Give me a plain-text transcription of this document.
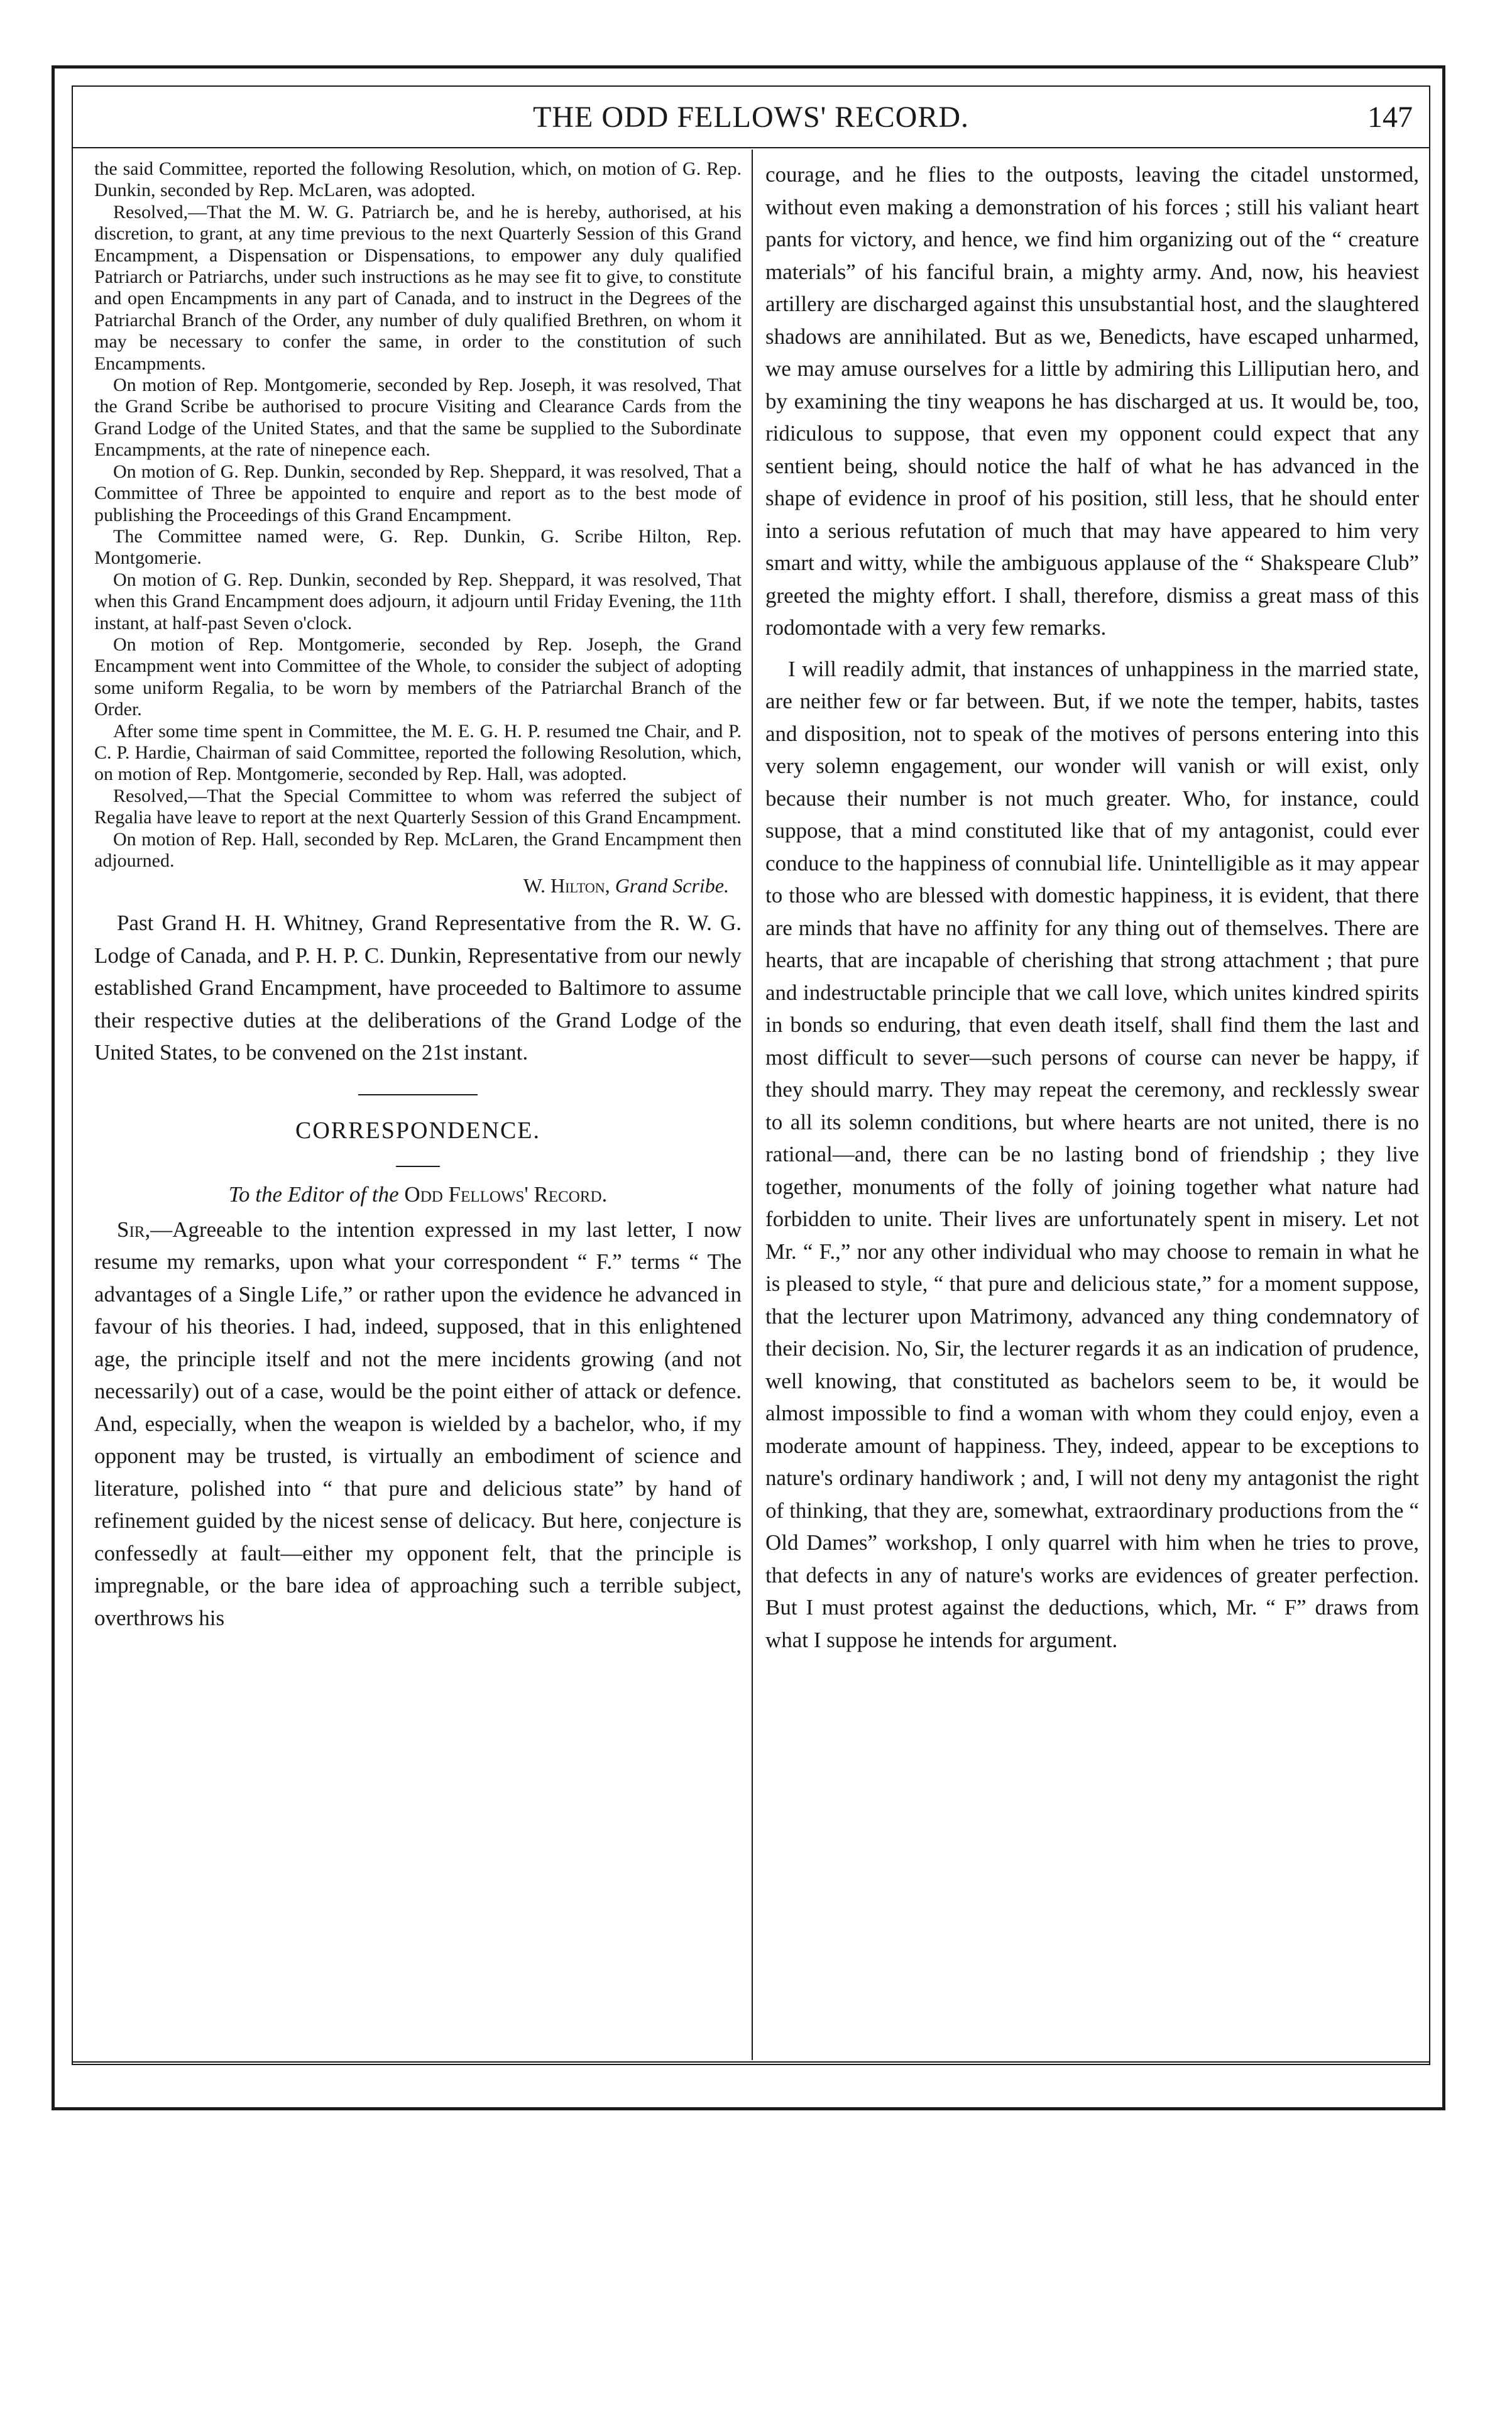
THE ODD FELLOWS' RECORD.	147

the said Committee, reported the following Resolution, which, on motion of G. Rep. Dunkin, seconded by Rep. McLaren, was adopted.

Resolved,—That the M. W. G. Patriarch be, and he is hereby, authorised, at his discretion, to grant, at any time previous to the next Quarterly Session of this Grand Encampment, a Dispensation or Dispensations, to empower any duly qualified Patriarch or Patriarchs, under such instructions as he may see fit to give, to constitute and open Encampments in any part of Canada, and to instruct in the Degrees of the Patriarchal Branch of the Order, any number of duly qualified Brethren, on whom it may be necessary to confer the same, in order to the constitution of such Encampments.

On motion of Rep. Montgomerie, seconded by Rep. Joseph, it was resolved, That the Grand Scribe be authorised to procure Visiting and Clearance Cards from the Grand Lodge of the United States, and that the same be supplied to the Subordinate Encampments, at the rate of ninepence each.

On motion of G. Rep. Dunkin, seconded by Rep. Sheppard, it was resolved, That a Committee of Three be appointed to enquire and report as to the best mode of publishing the Proceedings of this Grand Encampment.

The Committee named were, G. Rep. Dunkin, G. Scribe Hilton, Rep. Montgomerie.

On motion of G. Rep. Dunkin, seconded by Rep. Sheppard, it was resolved, That when this Grand Encampment does adjourn, it adjourn until Friday Evening, the 11th instant, at half-past Seven o'clock.

On motion of Rep. Montgomerie, seconded by Rep. Joseph, the Grand Encampment went into Committee of the Whole, to consider the subject of adopting some uniform Regalia, to be worn by members of the Patriarchal Branch of the Order.

After some time spent in Committee, the M. E. G. H. P. resumed tne Chair, and P. C. P. Hardie, Chairman of said Committee, reported the following Resolution, which, on motion of Rep. Montgomerie, seconded by Rep. Hall, was adopted.

Resolved,—That the Special Committee to whom was referred the subject of Regalia have leave to report at the next Quarterly Session of this Grand Encampment.

On motion of Rep. Hall, seconded by Rep. McLaren, the Grand Encampment then adjourned.

W. Hilton, Grand Scribe.

Past Grand H. H. Whitney, Grand Representative from the R. W. G. Lodge of Canada, and P. H. P. C. Dunkin, Representative from our newly established Grand Encampment, have proceeded to Baltimore to assume their respective duties at the deliberations of the Grand Lodge of the United States, to be convened on the 21st instant.

CORRESPONDENCE.
To the Editor of the Odd Fellows' Record.

Sir,—Agreeable to the intention expressed in my last letter, I now resume my remarks, upon what your correspondent “ F.” terms “ The advantages of a Single Life,” or rather upon the evidence he advanced in favour of his theories. I had, indeed, supposed, that in this enlightened age, the principle itself and not the mere incidents growing (and not necessarily) out of a case, would be the point either of attack or defence. And, especially, when the weapon is wielded by a bachelor, who, if my opponent may be trusted, is virtually an embodiment of science and literature, polished into “ that pure and delicious state” by hand of refinement guided by the nicest sense of delicacy. But here, conjecture is confessedly at fault—either my opponent felt, that the principle is impregnable, or the bare idea of approaching such a terrible subject, overthrows his

courage, and he flies to the outposts, leaving the citadel unstormed, without even making a demonstration of his forces ; still his valiant heart pants for victory, and hence, we find him organizing out of the “ creature materials” of his fanciful brain, a mighty army. And, now, his heaviest artillery are discharged against this unsubstantial host, and the slaughtered shadows are annihilated. But as we, Benedicts, have escaped unharmed, we may amuse ourselves for a little by admiring this Lilliputian hero, and by examining the tiny weapons he has discharged at us. It would be, too, ridiculous to suppose, that even my opponent could expect that any sentient being, should notice the half of what he has advanced in the shape of evidence in proof of his position, still less, that he should enter into a serious refutation of much that may have appeared to him very smart and witty, while the ambiguous applause of the “ Shakspeare Club” greeted the mighty effort. I shall, therefore, dismiss a great mass of this rodomontade with a very few remarks.

I will readily admit, that instances of unhappiness in the married state, are neither few or far between. But, if we note the temper, habits, tastes and disposition, not to speak of the motives of persons entering into this very solemn engagement, our wonder will vanish or will exist, only because their number is not much greater. Who, for instance, could suppose, that a mind constituted like that of my antagonist, could ever conduce to the happiness of connubial life. Unintelligible as it may appear to those who are blessed with domestic happiness, it is evident, that there are minds that have no affinity for any thing out of themselves. There are hearts, that are incapable of cherishing that strong attachment ; that pure and indestructable principle that we call love, which unites kindred spirits in bonds so enduring, that even death itself, shall find them the last and most difficult to sever—such persons of course can never be happy, if they should marry. They may repeat the ceremony, and recklessly swear to all its solemn conditions, but where hearts are not united, there is no rational—and, there can be no lasting bond of friendship ; they live together, monuments of the folly of joining together what nature had forbidden to unite. Their lives are unfortunately spent in misery. Let not Mr. “ F.,” nor any other individual who may choose to remain in what he is pleased to style, “ that pure and delicious state,” for a moment suppose, that the lecturer upon Matrimony, advanced any thing condemnatory of their decision. No, Sir, the lecturer regards it as an indication of prudence, well knowing, that constituted as bachelors seem to be, it would be almost impossible to find a woman with whom they could enjoy, even a moderate amount of happiness. They, indeed, appear to be exceptions to nature's ordinary handiwork ; and, I will not deny my antagonist the right of thinking, that they are, somewhat, extraordinary productions from the “ Old Dames” workshop, I only quarrel with him when he tries to prove, that defects in any of nature's works are evidences of greater perfection. But I must protest against the deductions, which, Mr. “ F” draws from what I suppose he intends for argument.
